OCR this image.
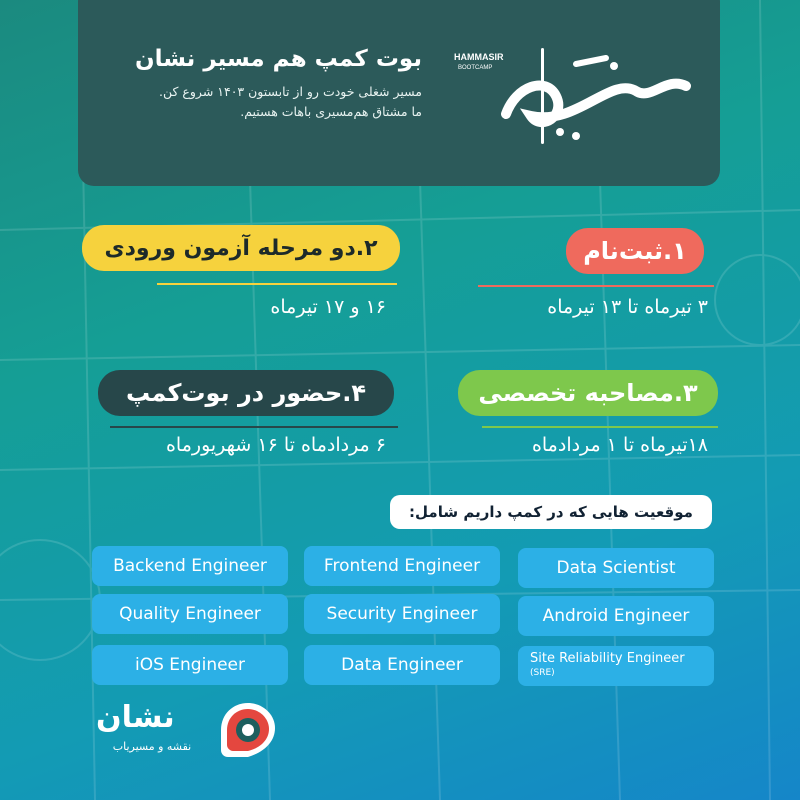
بوت کمپ هم مسیر نشان
مسیر شغلی خودت رو از تابستون ۱۴۰۳ شروع کن.
ما مشتاق هم‌مسیری باهات هستیم.
HAMMASIR
BOOTCAMP
۱.ثبت‌نام
۳ تیرماه تا ۱۳ تیرماه
۲.دو مرحله آزمون ورودی
۱۶ و ۱۷ تیرماه
۳.مصاحبه تخصصی
۱۸تیرماه تا ۱ مردادماه
۴.حضور در بوت‌کمپ
۶ مردادماه تا ۱۶ شهریورماه
موقعیت هایی که در کمپ داریم شامل:
Data Scientist
Frontend Engineer
Backend Engineer
Android Engineer
Security Engineer
Quality Engineer
Site Reliability Engineer
(SRE)
Data Engineer
iOS Engineer
نشان
نقشه و مسیریاب
